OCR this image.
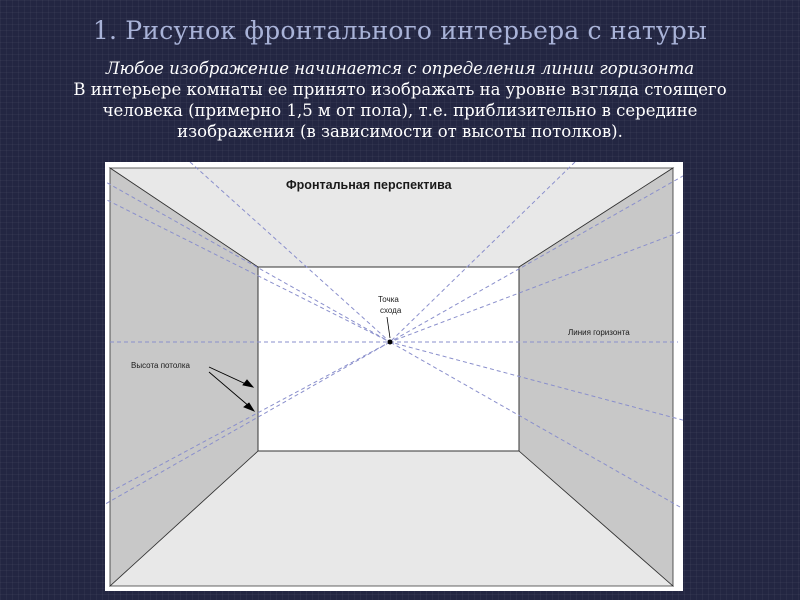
1. Рисунок фронтального интерьера с натуры
Любое изображение начинается с определения линии горизонта
В интерьере комнаты ее принято изображать на уровне взгляда стоящего
человека (примерно 1,5 м от пола), т.е. приблизительно в середине
изображения (в зависимости от высоты потолков).
Фронтальная перспектива
Точка
схода
Линия горизонта
Высота потолка
